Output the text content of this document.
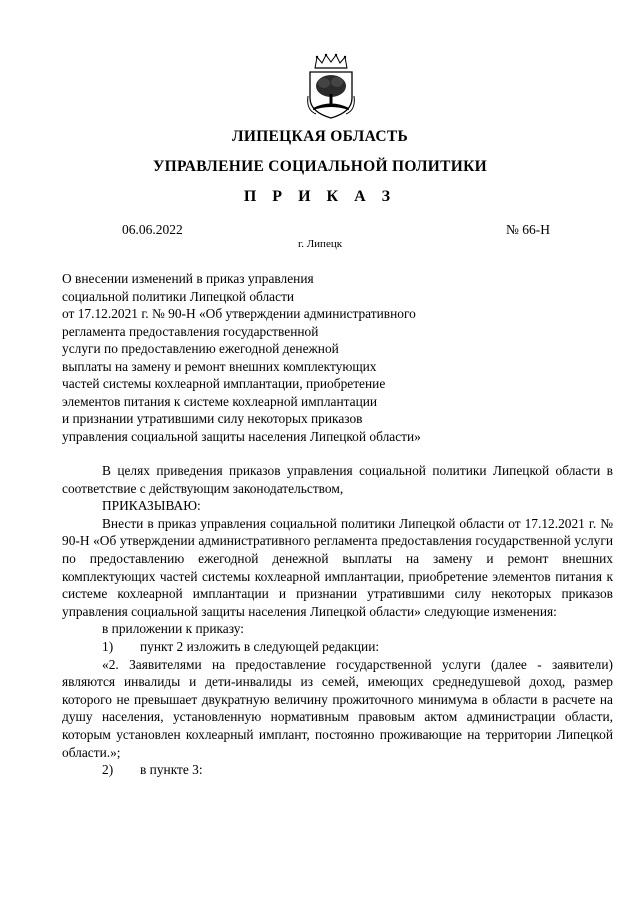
ЛИПЕЦКАЯ ОБЛАСТЬ
УПРАВЛЕНИЕ СОЦИАЛЬНОЙ ПОЛИТИКИ
П Р И К А З
06.06.2022	№ 66-Н
г. Липецк
О внесении изменений в приказ управления
социальной политики Липецкой области
от 17.12.2021 г. № 90-Н «Об утверждении административного
регламента предоставления государственной
услуги по предоставлению ежегодной денежной
выплаты на замену и ремонт внешних комплектующих
частей системы кохлеарной имплантации, приобретение
элементов питания к системе кохлеарной имплантации
и признании утратившими силу некоторых приказов
управления социальной защиты населения Липецкой области»

В целях приведения приказов управления социальной политики Липецкой области в соответствие с действующим законодательством,

ПРИКАЗЫВАЮ:

Внести в приказ управления социальной политики Липецкой области от 17.12.2021 г. № 90-Н «Об утверждении административного регламента предоставления государственной услуги по предоставлению ежегодной денежной выплаты на замену и ремонт внешних комплектующих частей системы кохлеарной имплантации, приобретение элементов питания к системе кохлеарной имплантации и признании утратившими силу некоторых приказов управления социальной защиты населения Липецкой области» следующие изменения:

в приложении к приказу:

1) пункт 2 изложить в следующей редакции:

«2. Заявителями на предоставление государственной услуги (далее - заявители) являются инвалиды и дети-инвалиды из семей, имеющих среднедушевой доход, размер которого не превышает двукратную величину прожиточного минимума в области в расчете на душу населения, установленную нормативным правовым актом администрации области, которым установлен кохлеарный имплант, постоянно проживающие на территории Липецкой области.»;

2) в пункте 3:
